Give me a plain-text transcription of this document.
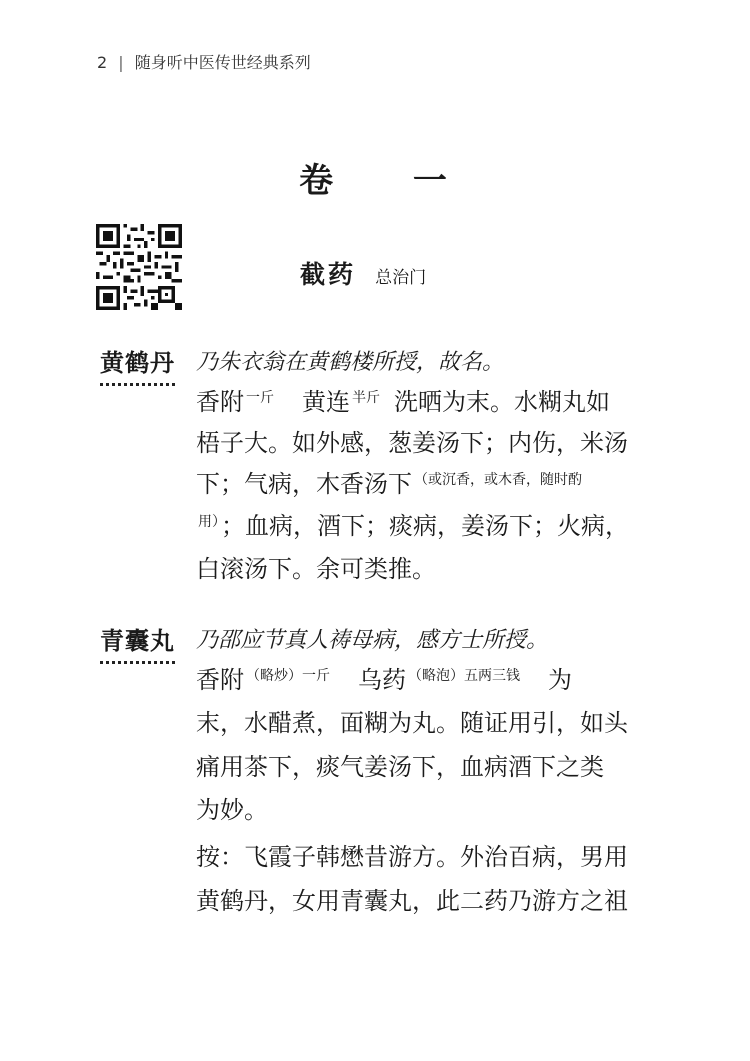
2 | 随身听中医传世经典系列
卷 一
截药 总治门
黄鹤丹 乃朱衣翁在黄鹤楼所授，故名。
香附 $^{一斤}$ 黄连 $^{半斤}$ 洗晒为末。水糊丸如
梧子大。如外感，葱姜汤下；内伤，米汤
下；气病，木香汤下 $^{(或沉香,或木香,随时酌}$
$^{用)}$；血病，酒下；痰病，姜汤下；火病，
白滚汤下。余可类推。
青囊丸 乃邵应节真人祷母病，感方士所授。
香附 $^{(略炒)一斤}$ 乌药 $^{(略泡)五两三钱}$ 为
末，水醋煮，面糊为丸。随证用引，如头
痛用茶下，痰气姜汤下，血病酒下之类
为妙。
按：飞霞子韩懋昔游方。外治百病，男用
黄鹤丹，女用青囊丸，此二药乃游方之祖
